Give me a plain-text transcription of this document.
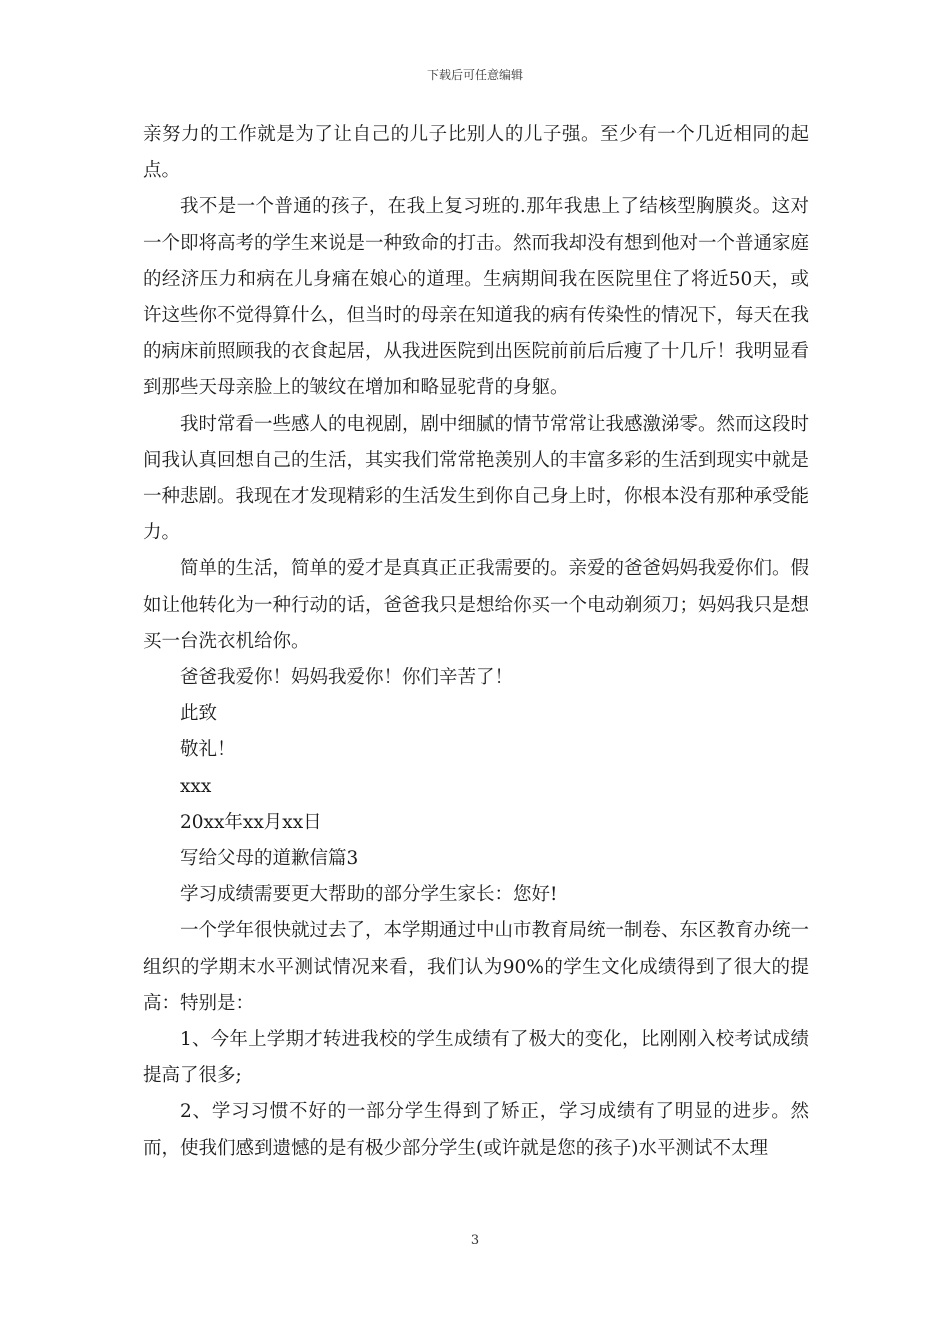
下载后可任意编辑

亲努力的工作就是为了让自己的儿子比别人的儿子强。至少有一个几近相同的起点。

我不是一个普通的孩子，在我上复习班的.那年我患上了结核型胸膜炎。这对一个即将高考的学生来说是一种致命的打击。然而我却没有想到他对一个普通家庭的经济压力和病在儿身痛在娘心的道理。生病期间我在医院里住了将近50天，或许这些你不觉得算什么，但当时的母亲在知道我的病有传染性的情况下，每天在我的病床前照顾我的衣食起居，从我进医院到出医院前前后后瘦了十几斤！我明显看到那些天母亲脸上的皱纹在增加和略显驼背的身躯。

我时常看一些感人的电视剧，剧中细腻的情节常常让我感激涕零。然而这段时间我认真回想自己的生活，其实我们常常艳羡别人的丰富多彩的生活到现实中就是一种悲剧。我现在才发现精彩的生活发生到你自己身上时，你根本没有那种承受能力。

简单的生活，简单的爱才是真真正正我需要的。亲爱的爸爸妈妈我爱你们。假如让他转化为一种行动的话，爸爸我只是想给你买一个电动剃须刀；妈妈我只是想买一台洗衣机给你。

爸爸我爱你！妈妈我爱你！你们辛苦了！

此致

敬礼！

xxx

20xx年xx月xx日

写给父母的道歉信篇3

学习成绩需要更大帮助的部分学生家长：您好!

一个学年很快就过去了，本学期通过中山市教育局统一制卷、东区教育办统一组织的学期末水平测试情况来看，我们认为90%的学生文化成绩得到了很大的提高：特别是：

1、今年上学期才转进我校的学生成绩有了极大的变化，比刚刚入校考试成绩提高了很多;

2、学习习惯不好的一部分学生得到了矫正，学习成绩有了明显的进步。然而，使我们感到遗憾的是有极少部分学生(或许就是您的孩子)水平测试不太理

3
